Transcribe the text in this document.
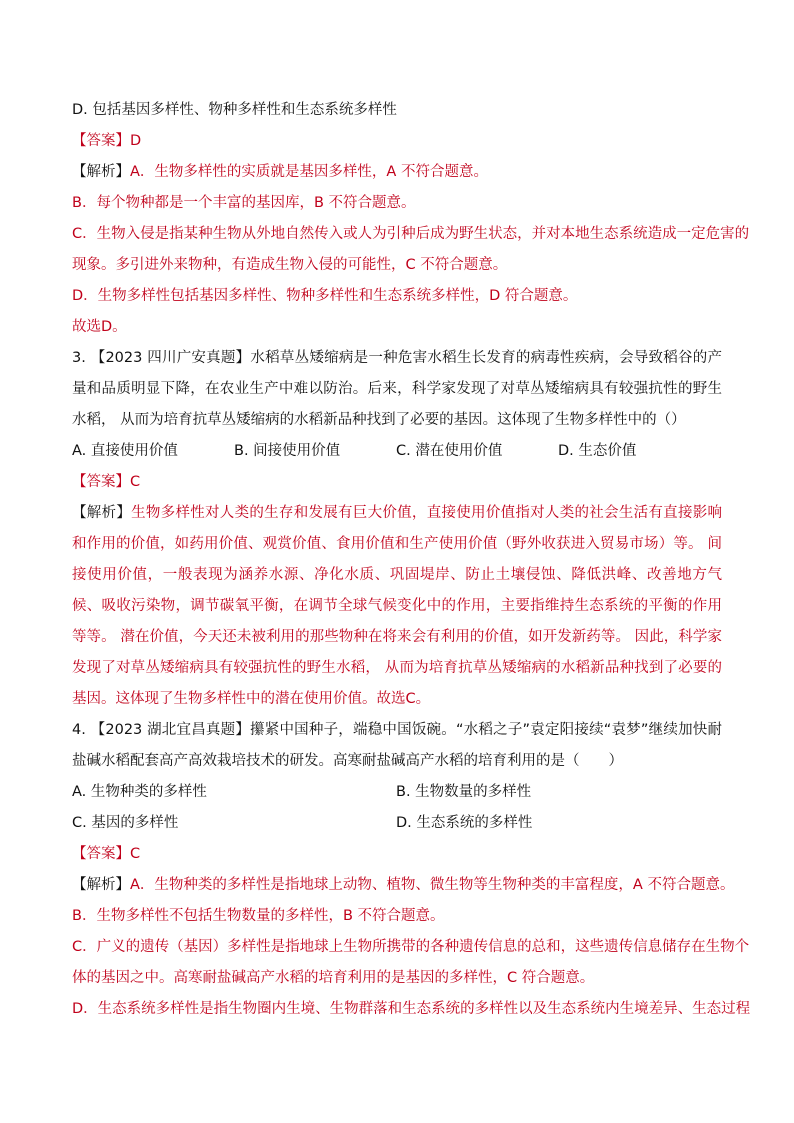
D. 包括基因多样性、物种多样性和生态系统多样性

【答案】D

【解析】A．生物多样性的实质就是基因多样性，A 不符合题意。

B．每个物种都是一个丰富的基因库，B 不符合题意。

C．生物入侵是指某种生物从外地自然传入或人为引种后成为野生状态，并对本地生态系统造成一定危害的

现象。多引进外来物种，有造成生物入侵的可能性，C 不符合题意。

D．生物多样性包括基因多样性、物种多样性和生态系统多样性，D 符合题意。

故选D。

3. 【2023 四川广安真题】水稻草丛矮缩病是一种危害水稻生长发育的病毒性疾病，会导致稻谷的产量和品质明显下降，在农业生产中难以防治。后来，科学家发现了对草丛矮缩病具有较强抗性的野生水稻， 从而为培育抗草丛矮缩病的水稻新品种找到了必要的基因。这体现了生物多样性中的（）

A. 直接使用价值	B. 间接使用价值	C. 潜在使用价值	D. 生态价值

【答案】C

【解析】生物多样性对人类的生存和发展有巨大价值，直接使用价值指对人类的社会生活有直接影响和作用的价值，如药用价值、观赏价值、食用价值和生产使用价值（野外收获进入贸易市场）等。 间接使用价值，一般表现为涵养水源、净化水质、巩固堤岸、防止土壤侵蚀、降低洪峰、改善地方气候、吸收污染物，调节碳氧平衡，在调节全球气候变化中的作用，主要指维持生态系统的平衡的作用等等。 潜在价值，今天还未被利用的那些物种在将来会有利用的价值，如开发新药等。 因此，科学家发现了对草丛矮缩病具有较强抗性的野生水稻， 从而为培育抗草丛矮缩病的水稻新品种找到了必要的基因。这体现了生物多样性中的潜在使用价值。故选C。

4. 【2023 湖北宜昌真题】攥紧中国种子，端稳中国饭碗。“水稻之子”袁定阳接续“袁梦”继续加快耐盐碱水稻配套高产高效栽培技术的研发。高寒耐盐碱高产水稻的培育利用的是（　　）

A. 生物种类的多样性	B. 生物数量的多样性
C. 基因的多样性	D. 生态系统的多样性

【答案】C

【解析】A．生物种类的多样性是指地球上动物、植物、微生物等生物种类的丰富程度，A 不符合题意。

B．生物多样性不包括生物数量的多样性，B 不符合题意。

C．广义的遗传（基因）多样性是指地球上生物所携带的各种遗传信息的总和，这些遗传信息储存在生物个

体的基因之中。高寒耐盐碱高产水稻的培育利用的是基因的多样性，C 符合题意。

D．生态系统多样性是指生物圈内生境、生物群落和生态系统的多样性以及生态系统内生境差异、生态过程
